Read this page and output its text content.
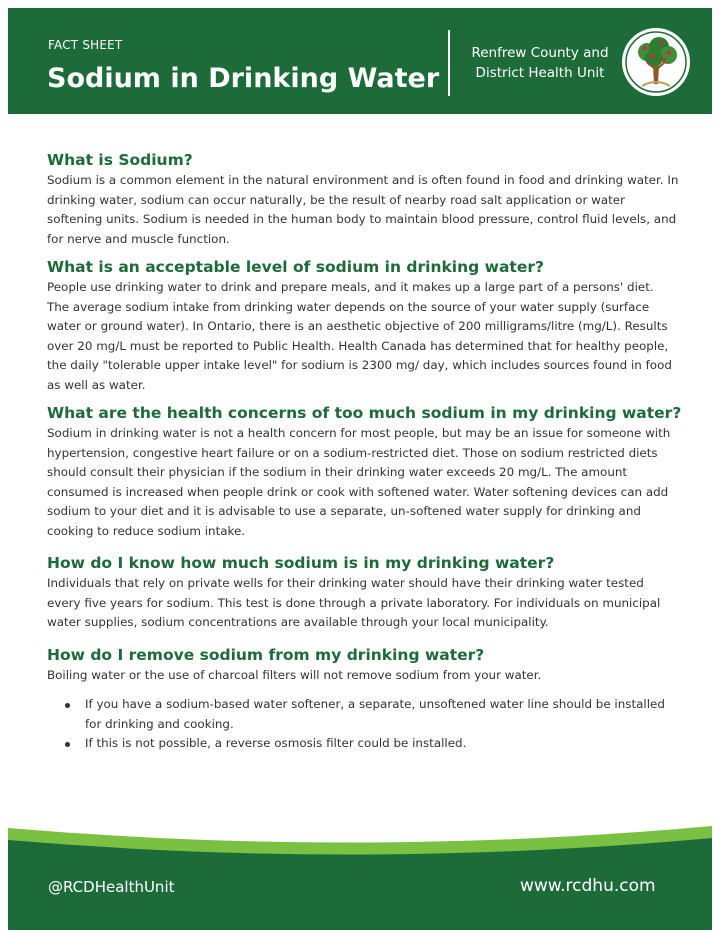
FACT SHEET
Sodium in Drinking Water
Renfrew County and
District Health Unit
What is Sodium?
Sodium is a common element in the natural environment and is often found in food and drinking water. In drinking water, sodium can occur naturally, be the result of nearby road salt application or water softening units. Sodium is needed in the human body to maintain blood pressure, control fluid levels, and for nerve and muscle function.
What is an acceptable level of sodium in drinking water?
People use drinking water to drink and prepare meals, and it makes up a large part of a persons' diet. The average sodium intake from drinking water depends on the source of your water supply (surface water or ground water). In Ontario, there is an aesthetic objective of 200 milligrams/litre (mg/L). Results over 20 mg/L must be reported to Public Health. Health Canada has determined that for healthy people, the daily "tolerable upper intake level" for sodium is 2300 mg/ day, which includes sources found in food as well as water.
What are the health concerns of too much sodium in my drinking water?
Sodium in drinking water is not a health concern for most people, but may be an issue for someone with hypertension, congestive heart failure or on a sodium-restricted diet. Those on sodium restricted diets should consult their physician if the sodium in their drinking water exceeds 20 mg/L. The amount consumed is increased when people drink or cook with softened water. Water softening devices can add sodium to your diet and it is advisable to use a separate, un-softened water supply for drinking and cooking to reduce sodium intake.
How do I know how much sodium is in my drinking water?
Individuals that rely on private wells for their drinking water should have their drinking water tested every five years for sodium. This test is done through a private laboratory. For individuals on municipal water supplies, sodium concentrations are available through your local municipality.
How do I remove sodium from my drinking water?
Boiling water or the use of charcoal filters will not remove sodium from your water.
If you have a sodium-based water softener, a separate, unsoftened water line should be installed for drinking and cooking.
If this is not possible, a reverse osmosis filter could be installed.
@RCDHealthUnit	www.rcdhu.com
